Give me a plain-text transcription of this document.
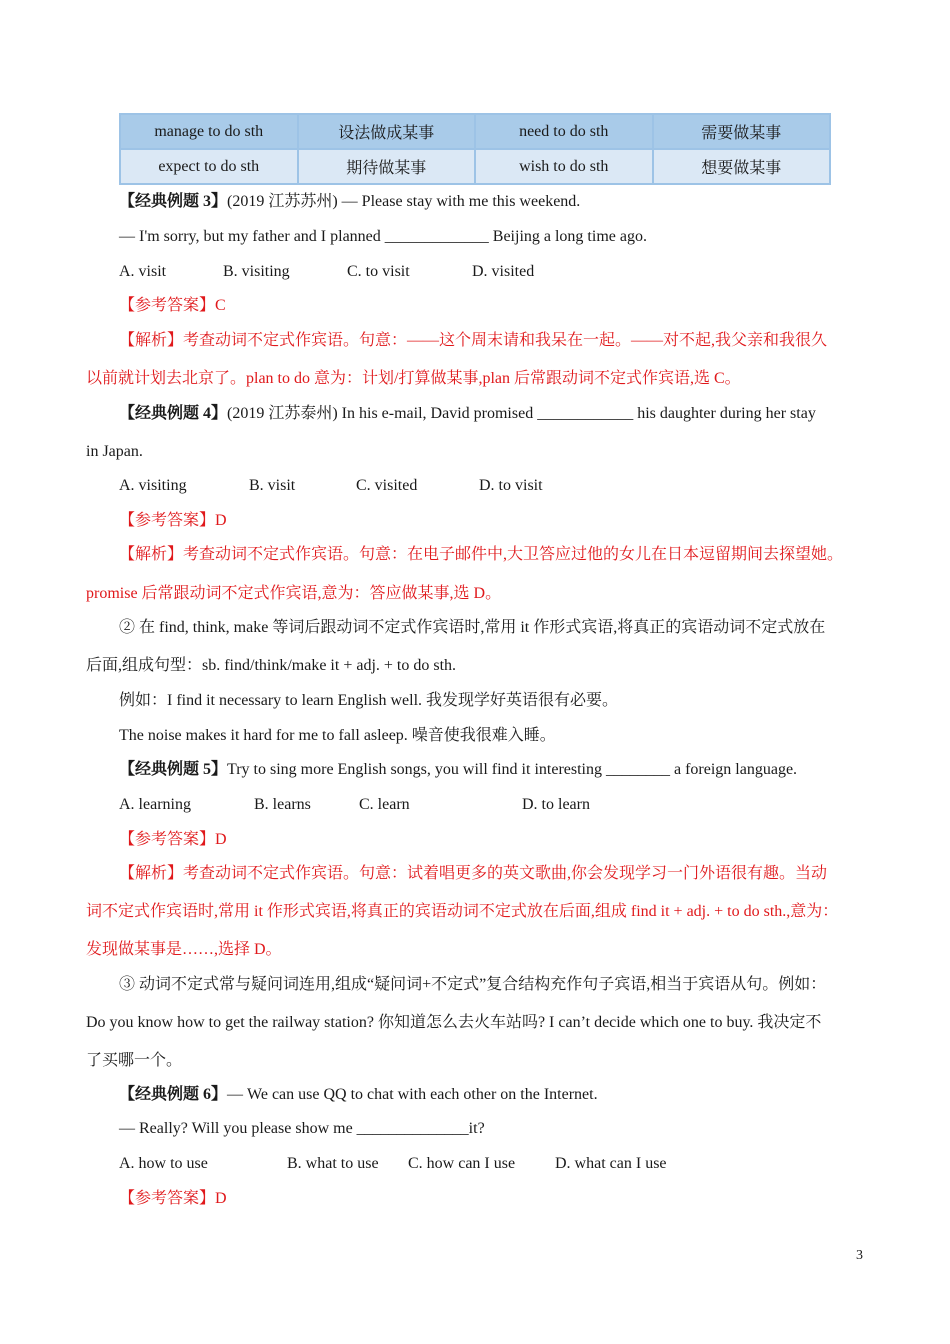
manage to do sth	设法做成某事	need to do sth	需要做某事
expect to do sth	期待做某事	wish to do sth	想要做某事
【经典例题 3】(2019 江苏苏州) — Please stay with me this weekend.
— I'm sorry, but my father and I planned _____________ Beijing a long time ago.
A. visit	B. visiting	C. to visit	D. visited
【参考答案】C
【解析】考查动词不定式作宾语。句意：——这个周末请和我呆在一起。——对不起,我父亲和我很久
以前就计划去北京了。plan to do 意为：计划/打算做某事,plan 后常跟动词不定式作宾语,选 C。
【经典例题 4】(2019 江苏泰州) In his e-mail, David promised ____________ his daughter during her stay
in Japan.
A. visiting	B. visit	C. visited	D. to visit
【参考答案】D
【解析】考查动词不定式作宾语。句意：在电子邮件中,大卫答应过他的女儿在日本逗留期间去探望她。
promise 后常跟动词不定式作宾语,意为：答应做某事,选 D。
② 在 find, think, make 等词后跟动词不定式作宾语时,常用 it 作形式宾语,将真正的宾语动词不定式放在
后面,组成句型：sb. find/think/make it + adj. + to do sth.
例如：I find it necessary to learn English well. 我发现学好英语很有必要。
The noise makes it hard for me to fall asleep. 噪音使我很难入睡。
【经典例题 5】Try to sing more English songs, you will find it interesting ________ a foreign language.
A. learning	B. learns	C. learn	D. to learn
【参考答案】D
【解析】考查动词不定式作宾语。句意：试着唱更多的英文歌曲,你会发现学习一门外语很有趣。当动
词不定式作宾语时,常用 it 作形式宾语,将真正的宾语动词不定式放在后面,组成 find it + adj. + to do sth.,意为：
发现做某事是……,选择 D。
③ 动词不定式常与疑问词连用,组成“疑问词+不定式”复合结构充作句子宾语,相当于宾语从句。例如：
Do you know how to get the railway station? 你知道怎么去火车站吗? I can’t decide which one to buy. 我决定不
了买哪一个。
【经典例题 6】— We can use QQ to chat with each other on the Internet.
— Really? Will you please show me ______________it?
A. how to use	B. what to use C. how can I use D. what can I use
【参考答案】D
3
